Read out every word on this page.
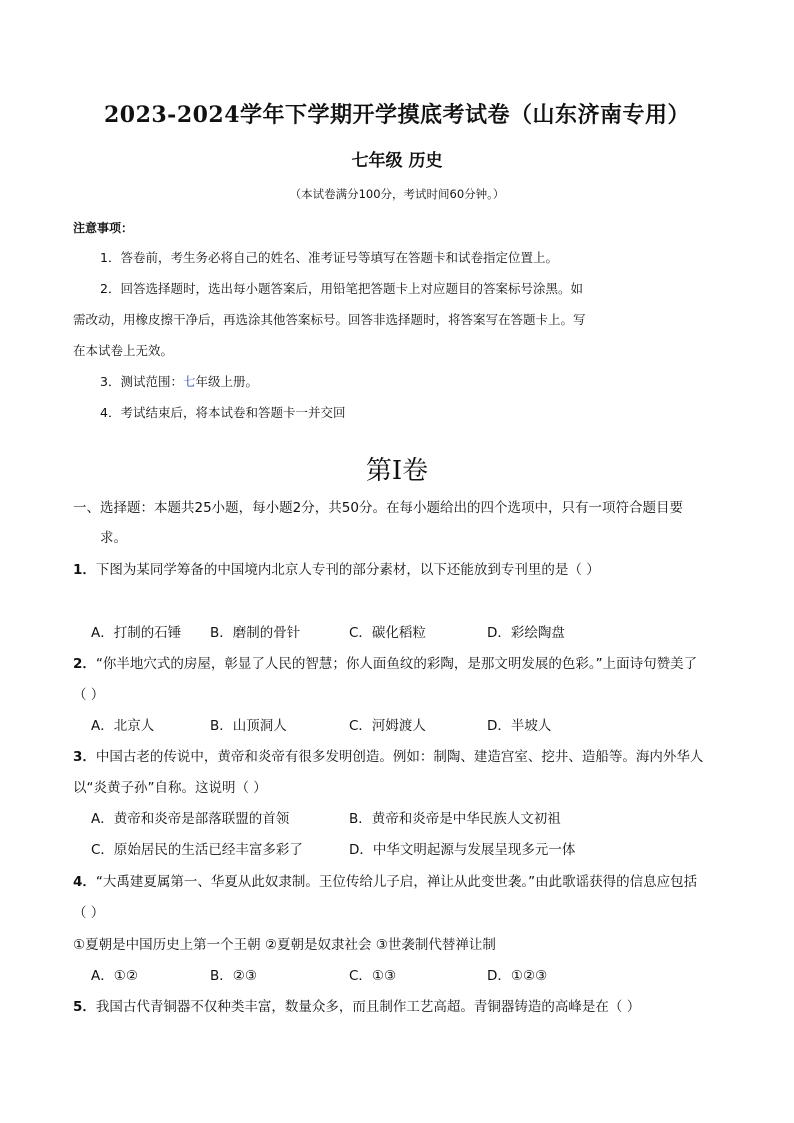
2023-2024学年下学期开学摸底考试卷（山东济南专用）
七年级 历史
（本试卷满分100分，考试时间60分钟。）
注意事项：
1．答卷前，考生务必将自己的姓名、准考证号等填写在答题卡和试卷指定位置上。
2．回答选择题时，选出每小题答案后，用铅笔把答题卡上对应题目的答案标号涂黑。如
需改动，用橡皮擦干净后，再选涂其他答案标号。回答非选择题时，将答案写在答题卡上。写
在本试卷上无效。
3．测试范围：七年级上册。
4．考试结束后，将本试卷和答题卡一并交回
第Ⅰ卷
一、选择题：本题共25小题，每小题2分，共50分。在每小题给出的四个选项中，只有一项符合题目要
求。
1．下图为某同学筹备的中国境内北京人专刊的部分素材，以下还能放到专刊里的是（ ）
A．打制的石锤 B．磨制的骨针	C．碳化稻粒	D．彩绘陶盘
2．“你半地穴式的房屋，彰显了人民的智慧；你人面鱼纹的彩陶，是那文明发展的色彩。”上面诗句赞美了
（ ）
A．北京人	B．山顶洞人	C．河姆渡人	D．半坡人
3．中国古老的传说中，黄帝和炎帝有很多发明创造。例如：制陶、建造宫室、挖井、造船等。海内外华人
以“炎黄子孙”自称。这说明（ ）
A．黄帝和炎帝是部落联盟的首领	B．黄帝和炎帝是中华民族人文初祖
C．原始居民的生活已经丰富多彩了	D．中华文明起源与发展呈现多元一体
4．“大禹建夏属第一、华夏从此奴隶制。王位传给儿子启，禅让从此变世袭。”由此歌谣获得的信息应包括
（ ）
①夏朝是中国历史上第一个王朝 ②夏朝是奴隶社会 ③世袭制代替禅让制
A．①②	B．②③	C．①③	D．①②③
5．我国古代青铜器不仅种类丰富，数量众多，而且制作工艺高超。青铜器铸造的高峰是在（ ）
